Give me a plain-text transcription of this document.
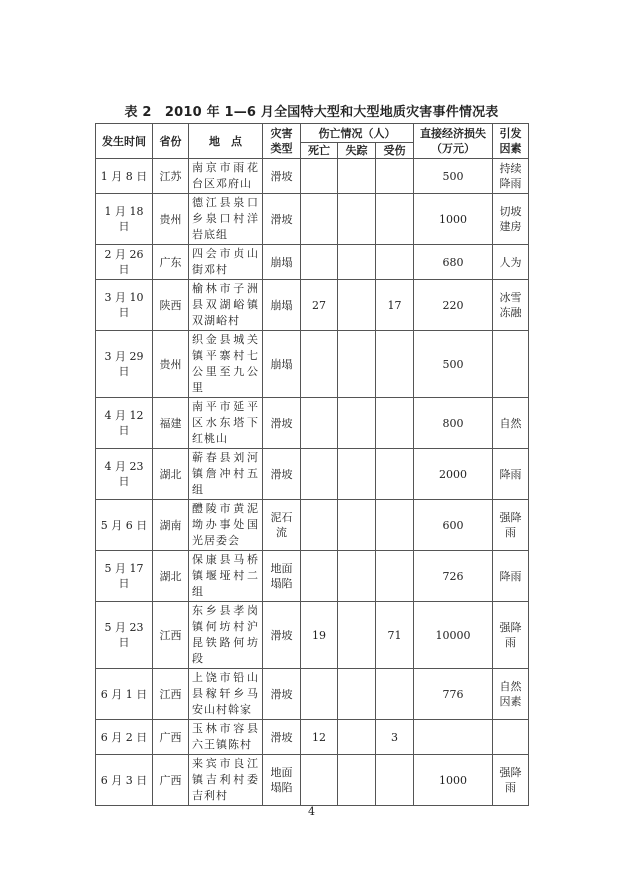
表 2　2010 年 1—6 月全国特大型和大型地质灾害事件情况表
发生时间	省份	地　点	灾害类型	伤亡情况（人）			直接经济损失（万元）	引发因素
				死亡	失踪	受伤		
1 月 8 日	江苏	南京市雨花
台区邓府山	滑坡				500	持续降雨
1 月 18 日	贵州	德江县泉口
乡泉口村洋
岩底组	滑坡				1000	切坡建房
2 月 26 日	广东	四会市贞山
街邓村	崩塌				680	人为
3 月 10 日	陕西	榆林市子洲
县双湖峪镇
双湖峪村	崩塌	27		17	220	冰雪冻融
3 月 29 日	贵州	织金县城关
镇平寨村七
公里至九公
里	崩塌				500	
4 月 12 日	福建	南平市延平
区水东塔下
红桃山	滑坡				800	自然
4 月 23 日	湖北	蕲春县刘河
镇詹冲村五
组	滑坡				2000	降雨
5 月 6 日	湖南	醴陵市黄泥
坳办事处国
光居委会	泥石流				600	强降雨
5 月 17 日	湖北	保康县马桥
镇堰垭村二
组	地面塌陷				726	降雨
5 月 23 日	江西	东乡县孝岗
镇何坊村沪
昆铁路何坊
段	滑坡	19		71	10000	强降雨
6 月 1 日	江西	上饶市铅山
县稼轩乡马
安山村斡家	滑坡				776	自然因素
6 月 2 日	广西	玉林市容县
六王镇陈村	滑坡	12		3		
6 月 3 日	广西	来宾市良江
镇吉利村委
吉利村	地面塌陷				1000	强降雨
4
